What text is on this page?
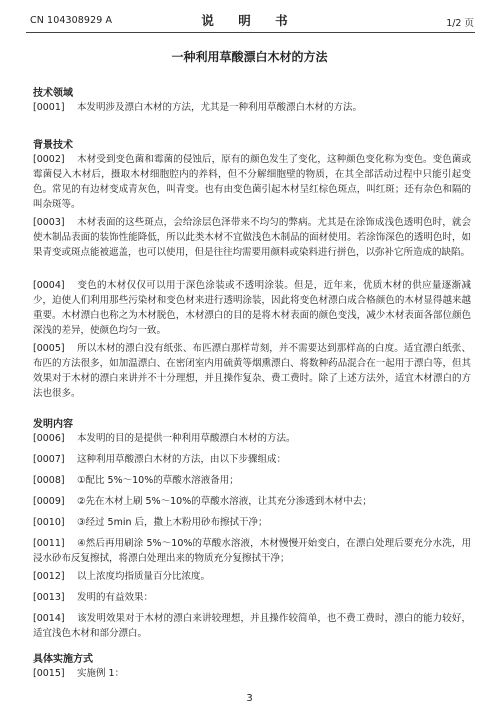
CN 104308929 A	说 明 书	1/2 页
一种利用草酸漂白木材的方法
技术领域

[0001] 本发明涉及漂白木材的方法，尤其是一种利用草酸漂白木材的方法。

背景技术

[0002] 木材受到变色菌和霉菌的侵蚀后，原有的颜色发生了变化，这种颜色变化称为变色。变色菌或霉菌侵入木材后，摄取木材细胞腔内的养料，但不分解细胞壁的物质，在其全部活动过程中只能引起变色。常见的有边材变成青灰色，叫青变。也有由变色菌引起木材呈红棕色斑点，叫红斑；还有杂色和隔的叫杂斑等。

[0003] 木材表面的这些斑点，会给涂层色泽带来不均匀的弊病。尤其是在涂饰成浅色透明色时，就会使木制品表面的装饰性能降低，所以此类木材不宜做浅色木制品的面材使用。若涂饰深色的透明色时，如果青变或斑点能被遮盖，也可以使用，但是往往均需要用颜料或染料进行拼色，以弥补它所造成的缺陷。

[0004] 变色的木材仅仅可以用于深色涂装或不透明涂装。但是，近年来，优质木材的供应量逐渐减少，迫使人们利用那些污染材和变色材来进行透明涂装，因此将变色材漂白成合格颜色的木材显得越来越重要。木材漂白也称之为木材脱色，木材漂白的目的是将木材表面的颜色变浅，减少木材表面各部位颜色深浅的差异，使颜色均匀一致。

[0005] 所以木材的漂白没有纸张、布匹漂白那样苛刻，并不需要达到那样高的白度。适宜漂白纸张、布匹的方法很多，如加温漂白、在密闭室内用硫黄等烟熏漂白、将数种药品混合在一起用于漂白等，但其效果对于木材的漂白来讲并不十分理想，并且操作复杂、费工费时。除了上述方法外，适宜木材漂白的方法也很多。

发明内容

[0006] 本发明的目的是提供一种利用草酸漂白木材的方法。

[0007] 这种利用草酸漂白木材的方法，由以下步骤组成：

[0008] ①配比 5%～10%的草酸水溶液备用；

[0009] ②先在木材上刷 5%～10%的草酸水溶液，让其充分渗透到木材中去；

[0010] ③经过 5min 后，撒上木粉用砂布擦拭干净；

[0011] ④然后再用刷涂 5%～10%的草酸水溶液，木材慢慢开始变白，在漂白处理后要充分水洗，用浸水砂布反复擦拭，将漂白处理出来的物质充分复擦拭干净；

[0012] 以上浓度均指质量百分比浓度。

[0013] 发明的有益效果：

[0014] 该发明效果对于木材的漂白来讲较理想，并且操作较简单，也不费工费时，漂白的能力较好，适宜浅色木材和部分漂白。

具体实施方式

[0015] 实施例 1：

3
